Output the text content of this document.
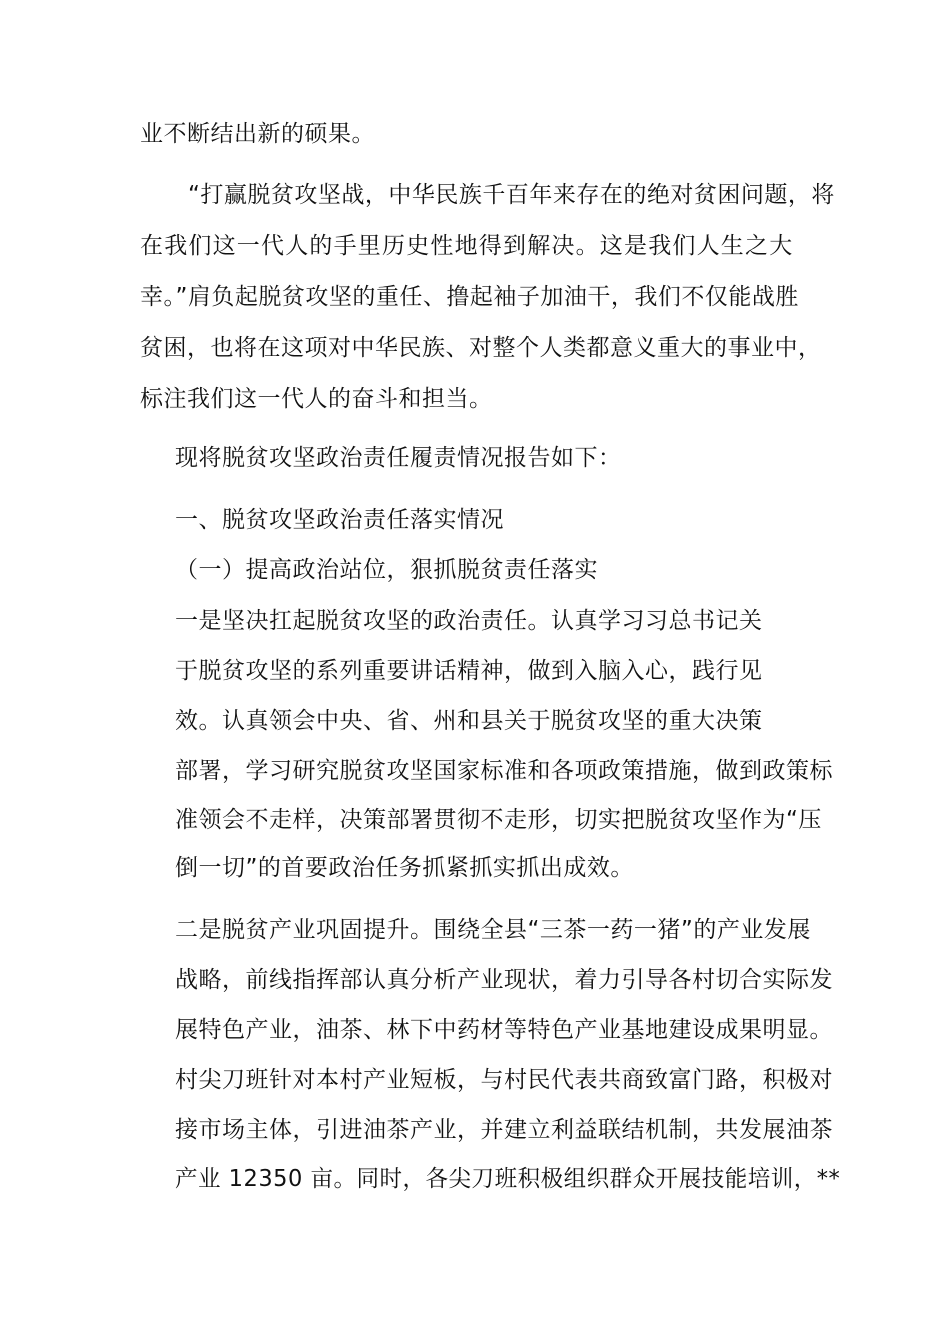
业不断结出新的硕果。
“打赢脱贫攻坚战，中华民族千百年来存在的绝对贫困问题，将
在我们这一代人的手里历史性地得到解决。这是我们人生之大
幸。”肩负起脱贫攻坚的重任、撸起袖子加油干，我们不仅能战胜
贫困，也将在这项对中华民族、对整个人类都意义重大的事业中，
标注我们这一代人的奋斗和担当。
现将脱贫攻坚政治责任履责情况报告如下：
一、脱贫攻坚政治责任落实情况
（一）提高政治站位，狠抓脱贫责任落实
一是坚决扛起脱贫攻坚的政治责任。认真学习习总书记关
于脱贫攻坚的系列重要讲话精神，做到入脑入心，践行见
效。认真领会中央、省、州和县关于脱贫攻坚的重大决策
部署，学习研究脱贫攻坚国家标准和各项政策措施，做到政策标
准领会不走样，决策部署贯彻不走形，切实把脱贫攻坚作为“压
倒一切”的首要政治任务抓紧抓实抓出成效。
二是脱贫产业巩固提升。围绕全县“三茶一药一猪”的产业发展
战略，前线指挥部认真分析产业现状，着力引导各村切合实际发
展特色产业，油茶、林下中药材等特色产业基地建设成果明显。
村尖刀班针对本村产业短板，与村民代表共商致富门路，积极对
接市场主体，引进油茶产业，并建立利益联结机制，共发展油茶
产业 12350 亩。同时，各尖刀班积极组织群众开展技能培训，**
